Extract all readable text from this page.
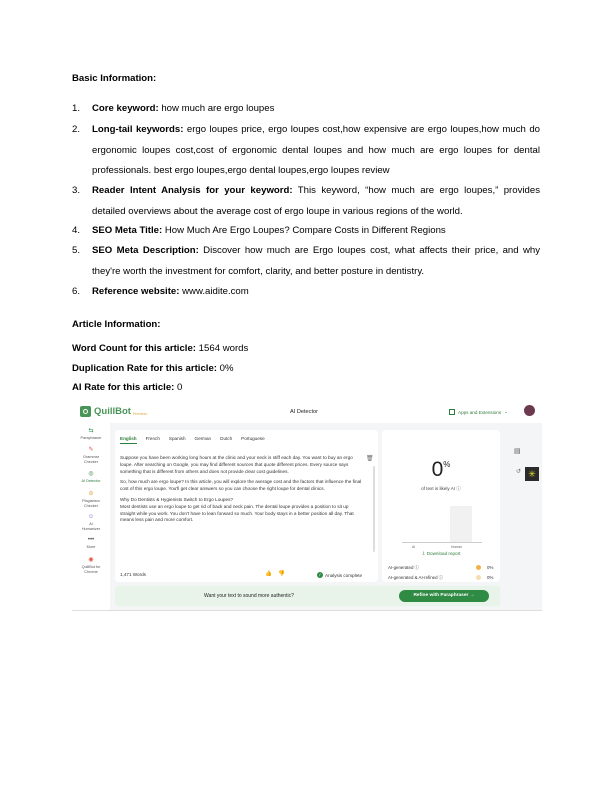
Basic Information:
1. Core keyword: how much are ergo loupes
2. Long-tail keywords: ergo loupes price, ergo loupes cost,how expensive are ergo loupes,how much do ergonomic loupes cost,cost of ergonomic dental loupes and how much are ergo loupes for dental professionals. best ergo loupes,ergo dental loupes,ergo loupes review
3. Reader Intent Analysis for your keyword: This keyword, “how much are ergo loupes,” provides detailed overviews about the average cost of ergo loupe in various regions of the world.
4. SEO Meta Title: How Much Are Ergo Loupes? Compare Costs in Different Regions
5. SEO Meta Description: Discover how much are Ergo loupes cost, what affects their price, and why they're worth the investment for comfort, clarity, and better posture in dentistry.
6. Reference website: www.aidite.com
Article Information:
Word Count for this article: 1564 words
Duplication Rate for this article: 0%
AI Rate for this article: 0
QuillBot Premium	AI Detector	Apps and Extensions ⌄
⇆
Paraphraser
✎
Grammar Checker
◎
AI Detector
⊜
Plagiarism Checker
☺
AI Humanizer
•••
More
◉
QuillBot for Chrome
English French Spanish German Dutch Portuguese
🗑

Suppose you have been working long hours at the clinic and your neck is stiff each day. You want to buy an ergo loupe. After searching on Google, you may find different sources that quote different prices. Every source says something that is different from others and does not provide clear cost guidelines.

So, how much are ergo loupe? In this article, you will explore the average cost and the factors that influence the final cost of this ergo loupe. You'll get clear answers so you can choose the right loupe for dental clinics.

Why Do Dentists & Hygienists Switch to Ergo Loupes?

Most dentists use an ergo loupe to get rid of back and neck pain. The dental loupe provides a position to sit up straight while you work. You don't have to lean forward so much. Your body stays in a better position all day. That means less pain and more comfort.

1,471 Words	👍 👎	✓ Analysis complete
0%
of text is likely AI ⓘ
AI	Human
⇩ Download report
AI-generated ⓘ	0%
AI-generated & AI-refined ⓘ	0%
▤
↺ ✳
Want your text to sound more authentic?	Refine with Paraphraser →
